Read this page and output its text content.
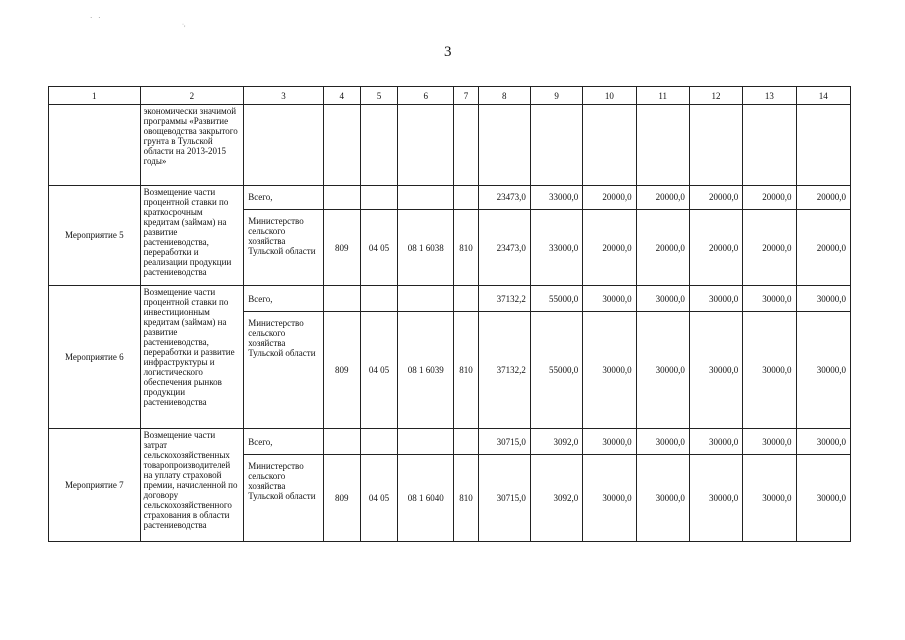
· ·
·,
3
1	2	3	4	5	6	7	8	9	10	11	12	13	14
	экономически значимой программы «Развитие овощеводства закрытого грунта в Тульской области на 2013-2015 годы»												
Мероприятие 5	Возмещение части процентной ставки по краткосрочным кредитам (займам) на развитие растениеводства, переработки и реализации продукции растениеводства	Всего,					23473,0	33000,0	20000,0	20000,0	20000,0	20000,0	20000,0
		Министерство сельского хозяйства Тульской области	809	04 05	08 1 6038	810	23473,0	33000,0	20000,0	20000,0	20000,0	20000,0	20000,0
Мероприятие 6	Возмещение части процентной ставки по инвестиционным кредитам (займам) на развитие растениеводства, переработки и развитие инфраструктуры и логистического обеспечения рынков продукции растениеводства	Всего,					37132,2	55000,0	30000,0	30000,0	30000,0	30000,0	30000,0
		Министерство сельского хозяйства Тульской области	809	04 05	08 1 6039	810	37132,2	55000,0	30000,0	30000,0	30000,0	30000,0	30000,0
Мероприятие 7	Возмещение части затрат сельскохозяйственных товаропроизводителей на уплату страховой премии, начисленной по договору сельскохозяйственного страхования в области растениеводства	Всего,					30715,0	3092,0	30000,0	30000,0	30000,0	30000,0	30000,0
		Министерство сельского хозяйства Тульской области	809	04 05	08 1 6040	810	30715,0	3092,0	30000,0	30000,0	30000,0	30000,0	30000,0
